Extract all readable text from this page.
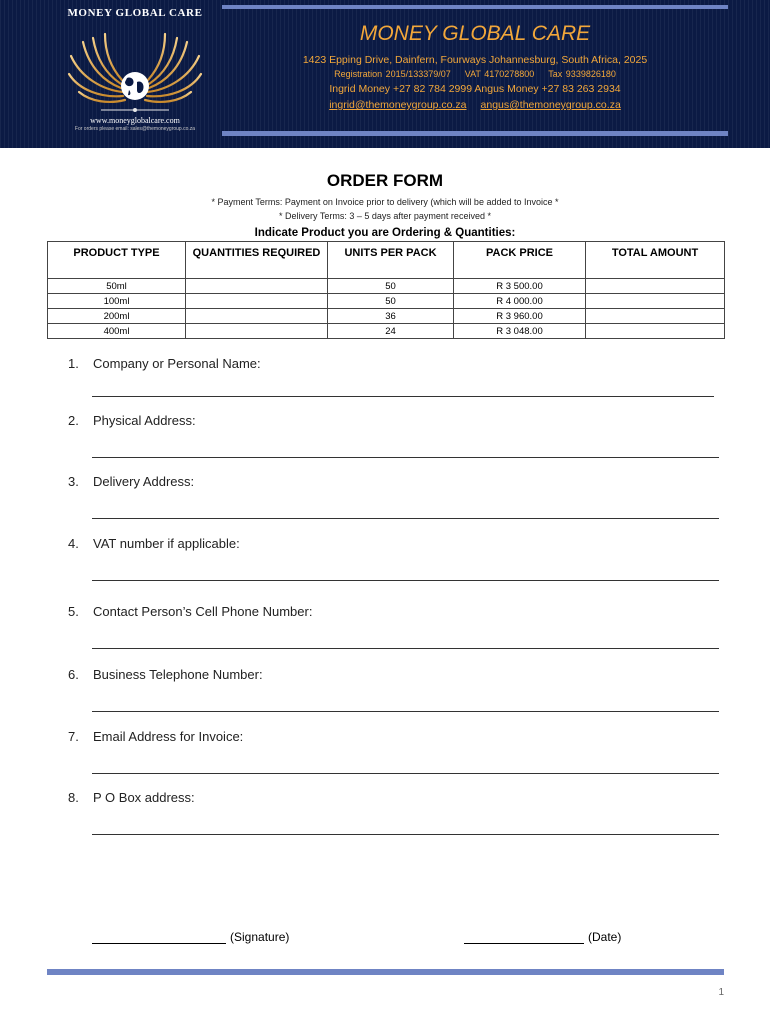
MONEY GLOBAL CARE
www.moneyglobalcare.com
For orders please email: sales@themoneygroup.co.za
MONEY GLOBAL CARE
1423 Epping Drive, Dainfern, Fourways Johannesburg, South Africa, 2025
Registration 2015/133379/07 VAT 4170278800 Tax 9339826180
Ingrid Money +27 82 784 2999 Angus Money +27 83 263 2934
ingrid@themoneygroup.co.za angus@themoneygroup.co.za
ORDER FORM
* Payment Terms: Payment on Invoice prior to delivery (which will be added to Invoice *
* Delivery Terms: 3 – 5 days after payment received *
Indicate Product you are Ordering & Quantities:
PRODUCT TYPE	QUANTITIES REQUIRED	UNITS PER PACK	PACK PRICE	TOTAL AMOUNT
50ml		50	R 3 500.00	
100ml		50	R 4 000.00	
200ml		36	R 3 960.00	
400ml		24	R 3 048.00	
1. Company or Personal Name:
2. Physical Address:
3. Delivery Address:
4. VAT number if applicable:
5. Contact Person’s Cell Phone Number:
6. Business Telephone Number:
7. Email Address for Invoice:
8. P O Box address:
(Signature)	(Date)
1
